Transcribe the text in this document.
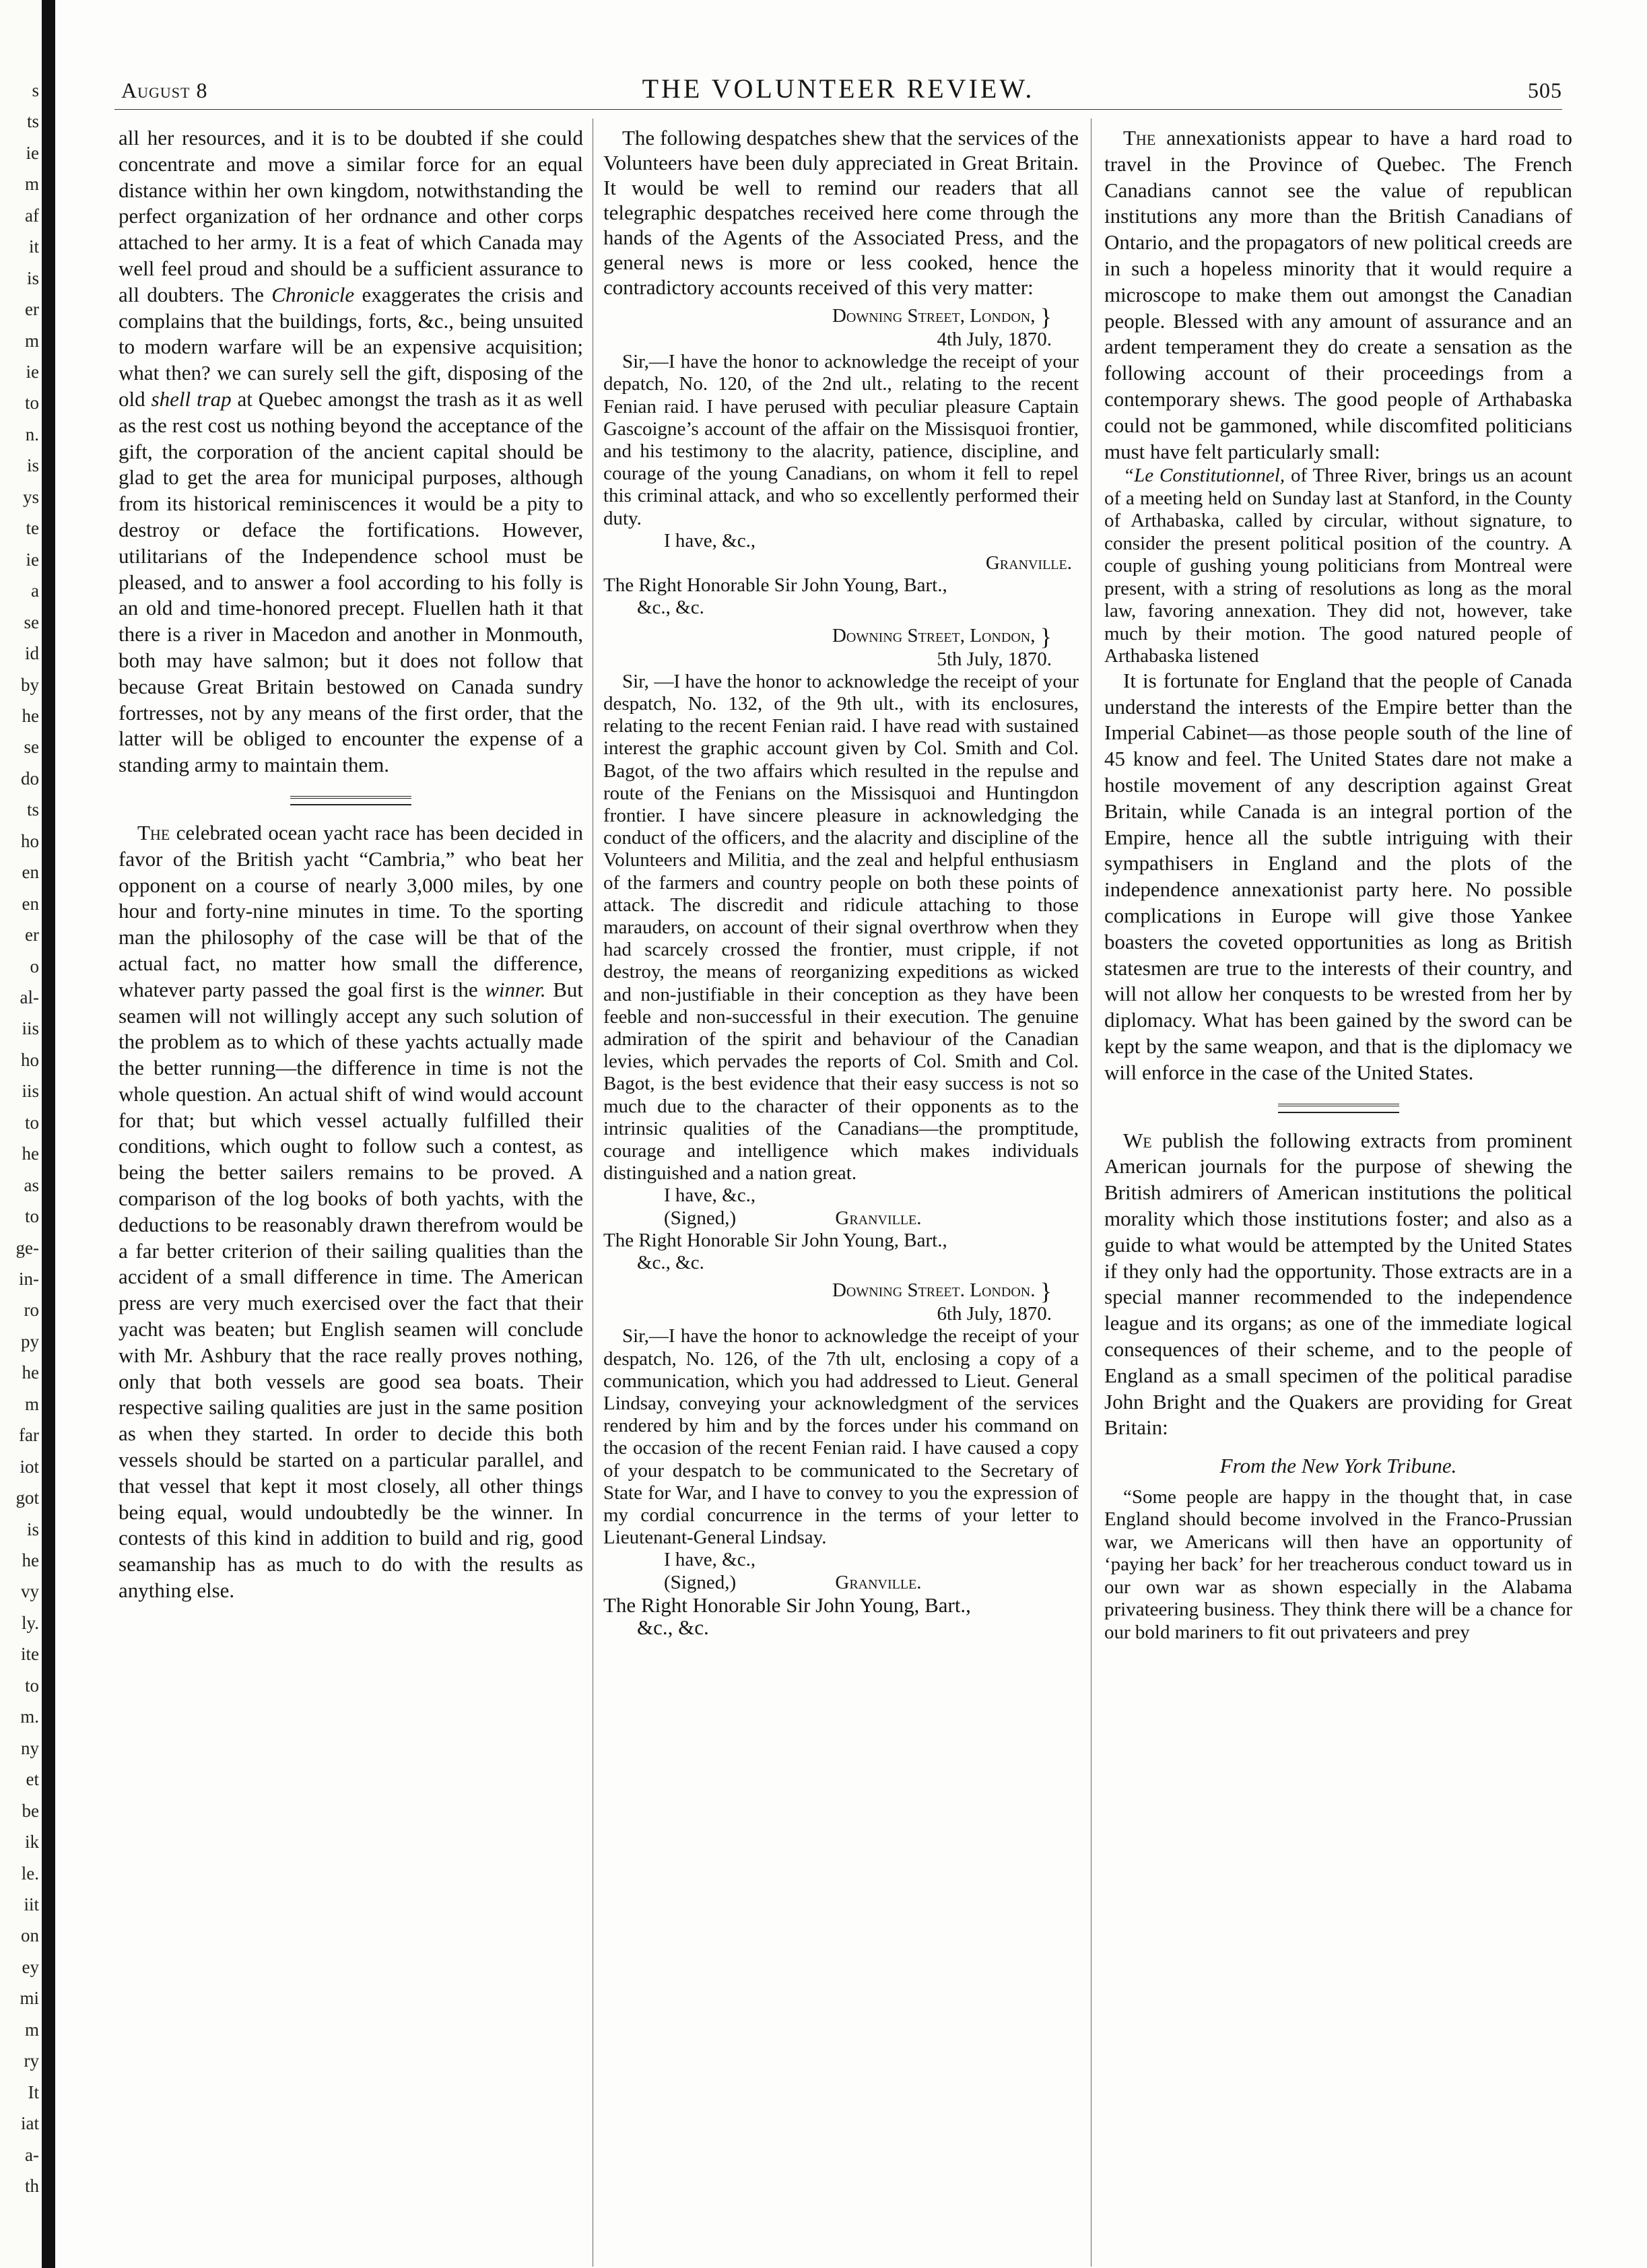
s
ts
ie
m
af
it
is
er
m
ie
to
n.
is
ys
te
ie
a
se
id
by
he
se
do
ts
ho
en
en
er
o
al-
iis
ho
iis
to
he
as
to
ge-
in-
ro
py
he
m
far
iot
got
is
he
vy
ly.
ite
to
m.
ny
et
be
ik
le.
iit
on
ey
mi
m
ry
It
iat
a-
th
August 8	THE VOLUNTEER REVIEW.	505

all her resources, and it is to be doubted if she could concentrate and move a similar force for an equal distance within her own kingdom, notwithstanding the perfect organization of her ordnance and other corps attached to her army. It is a feat of which Canada may well feel proud and should be a sufficient assurance to all doubters. The Chronicle exaggerates the crisis and complains that the buildings, forts, &c., being unsuited to modern warfare will be an expensive acquisition; what then? we can surely sell the gift, disposing of the old shell trap at Quebec amongst the trash as it as well as the rest cost us nothing beyond the acceptance of the gift, the corporation of the ancient capital should be glad to get the area for municipal purposes, although from its historical reminiscences it would be a pity to destroy or deface the fortifications. However, utilitarians of the Independence school must be pleased, and to answer a fool according to his folly is an old and time-honored precept. Fluellen hath it that there is a river in Macedon and another in Monmouth, both may have salmon; but it does not follow that because Great Britain bestowed on Canada sundry fortresses, not by any means of the first order, that the latter will be obliged to encounter the expense of a standing army to maintain them.

The celebrated ocean yacht race has been decided in favor of the British yacht “Cambria,” who beat her opponent on a course of nearly 3,000 miles, by one hour and forty-nine minutes in time. To the sporting man the philosophy of the case will be that of the actual fact, no matter how small the difference, whatever party passed the goal first is the winner. But seamen will not willingly accept any such solution of the problem as to which of these yachts actually made the better running—the difference in time is not the whole question. An actual shift of wind would account for that; but which vessel actually fulfilled their conditions, which ought to follow such a contest, as being the better sailers remains to be proved. A comparison of the log books of both yachts, with the deductions to be reasonably drawn therefrom would be a far better criterion of their sailing qualities than the accident of a small difference in time. The American press are very much exercised over the fact that their yacht was beaten; but English seamen will conclude with Mr. Ashbury that the race really proves nothing, only that both vessels are good sea boats. Their respective sailing qualities are just in the same position as when they started. In order to decide this both vessels should be started on a particular parallel, and that vessel that kept it most closely, all other things being equal, would undoubtedly be the winner. In contests of this kind in addition to build and rig, good seamanship has as much to do with the results as anything else.

The following despatches shew that the services of the Volunteers have been duly appreciated in Great Britain. It would be well to remind our readers that all telegraphic despatches received here come through the hands of the Agents of the Associated Press, and the general news is more or less cooked, hence the contradictory accounts received of this very matter:

Downing Street, London, }
4th July, 1870.

Sir,—I have the honor to acknowledge the receipt of your depatch, No. 120, of the 2nd ult., relating to the recent Fenian raid. I have perused with peculiar pleasure Captain Gascoigne’s account of the affair on the Missisquoi frontier, and his testimony to the alacrity, patience, discipline, and courage of the young Canadians, on whom it fell to repel this criminal attack, and who so excellently performed their duty.

I have, &c.,

Granville.

The Right Honorable Sir John Young, Bart.,

&c., &c.

Downing Street, London, }
5th July, 1870.

Sir, —I have the honor to acknowledge the receipt of your despatch, No. 132, of the 9th ult., with its enclosures, relating to the recent Fenian raid. I have read with sustained interest the graphic account given by Col. Smith and Col. Bagot, of the two affairs which resulted in the repulse and route of the Fenians on the Missisquoi and Huntingdon frontier. I have sincere pleasure in acknowledging the conduct of the officers, and the alacrity and discipline of the Volunteers and Militia, and the zeal and helpful enthusiasm of the farmers and country people on both these points of attack. The discredit and ridicule attaching to those marauders, on account of their signal overthrow when they had scarcely crossed the frontier, must cripple, if not destroy, the means of reorganizing expeditions as wicked and non-justifiable in their conception as they have been feeble and non-successful in their execution. The genuine admiration of the spirit and behaviour of the Canadian levies, which pervades the reports of Col. Smith and Col. Bagot, is the best evidence that their easy success is not so much due to the character of their opponents as to the intrinsic qualities of the Canadians—the promptitude, courage and intelligence which makes individuals distinguished and a nation great.

I have, &c.,

(Signed,)	Granville.

The Right Honorable Sir John Young, Bart.,

&c., &c.

Downing Street. London. }
6th July, 1870.

Sir,—I have the honor to acknowledge the receipt of your despatch, No. 126, of the 7th ult, enclosing a copy of a communication, which you had addressed to Lieut. General Lindsay, conveying your acknowledgment of the services rendered by him and by the forces under his command on the occasion of the recent Fenian raid. I have caused a copy of your despatch to be communicated to the Secretary of State for War, and I have to convey to you the expression of my cordial concurrence in the terms of your letter to Lieutenant-General Lindsay.

I have, &c.,

(Signed,)	Granville.

The Right Honorable Sir John Young, Bart.,

&c., &c.

The annexationists appear to have a hard road to travel in the Province of Quebec. The French Canadians cannot see the value of republican institutions any more than the British Canadians of Ontario, and the propagators of new political creeds are in such a hopeless minority that it would require a microscope to make them out amongst the Canadian people. Blessed with any amount of assurance and an ardent temperament they do create a sensation as the following account of their proceedings from a contemporary shews. The good people of Arthabaska could not be gammoned, while discomfited politicians must have felt particularly small:

“Le Constitutionnel, of Three River, brings us an acount of a meeting held on Sunday last at Stanford, in the County of Arthabaska, called by circular, without signature, to consider the present political position of the country. A couple of gushing young politicians from Montreal were present, with a string of resolutions as long as the moral law, favoring annexation. They did not, however, take much by their motion. The good natured people of Arthabaska listened

It is fortunate for England that the people of Canada understand the interests of the Empire better than the Imperial Cabinet—as those people south of the line of 45 know and feel. The United States dare not make a hostile movement of any description against Great Britain, while Canada is an integral portion of the Empire, hence all the subtle intriguing with their sympathisers in England and the plots of the independence annexationist party here. No possible complications in Europe will give those Yankee boasters the coveted opportunities as long as British statesmen are true to the interests of their country, and will not allow her conquests to be wrested from her by diplomacy. What has been gained by the sword can be kept by the same weapon, and that is the diplomacy we will enforce in the case of the United States.

We publish the following extracts from prominent American journals for the purpose of shewing the British admirers of American institutions the political morality which those institutions foster; and also as a guide to what would be attempted by the United States if they only had the opportunity. Those extracts are in a special manner recommended to the independence league and its organs; as one of the immediate logical consequences of their scheme, and to the people of England as a small specimen of the political paradise John Bright and the Quakers are providing for Great Britain:

From the New York Tribune.

“Some people are happy in the thought that, in case England should become involved in the Franco-Prussian war, we Americans will then have an opportunity of ‘paying her back’ for her treacherous conduct toward us in our own war as shown especially in the Alabama privateering business. They think there will be a chance for our bold mariners to fit out privateers and prey
